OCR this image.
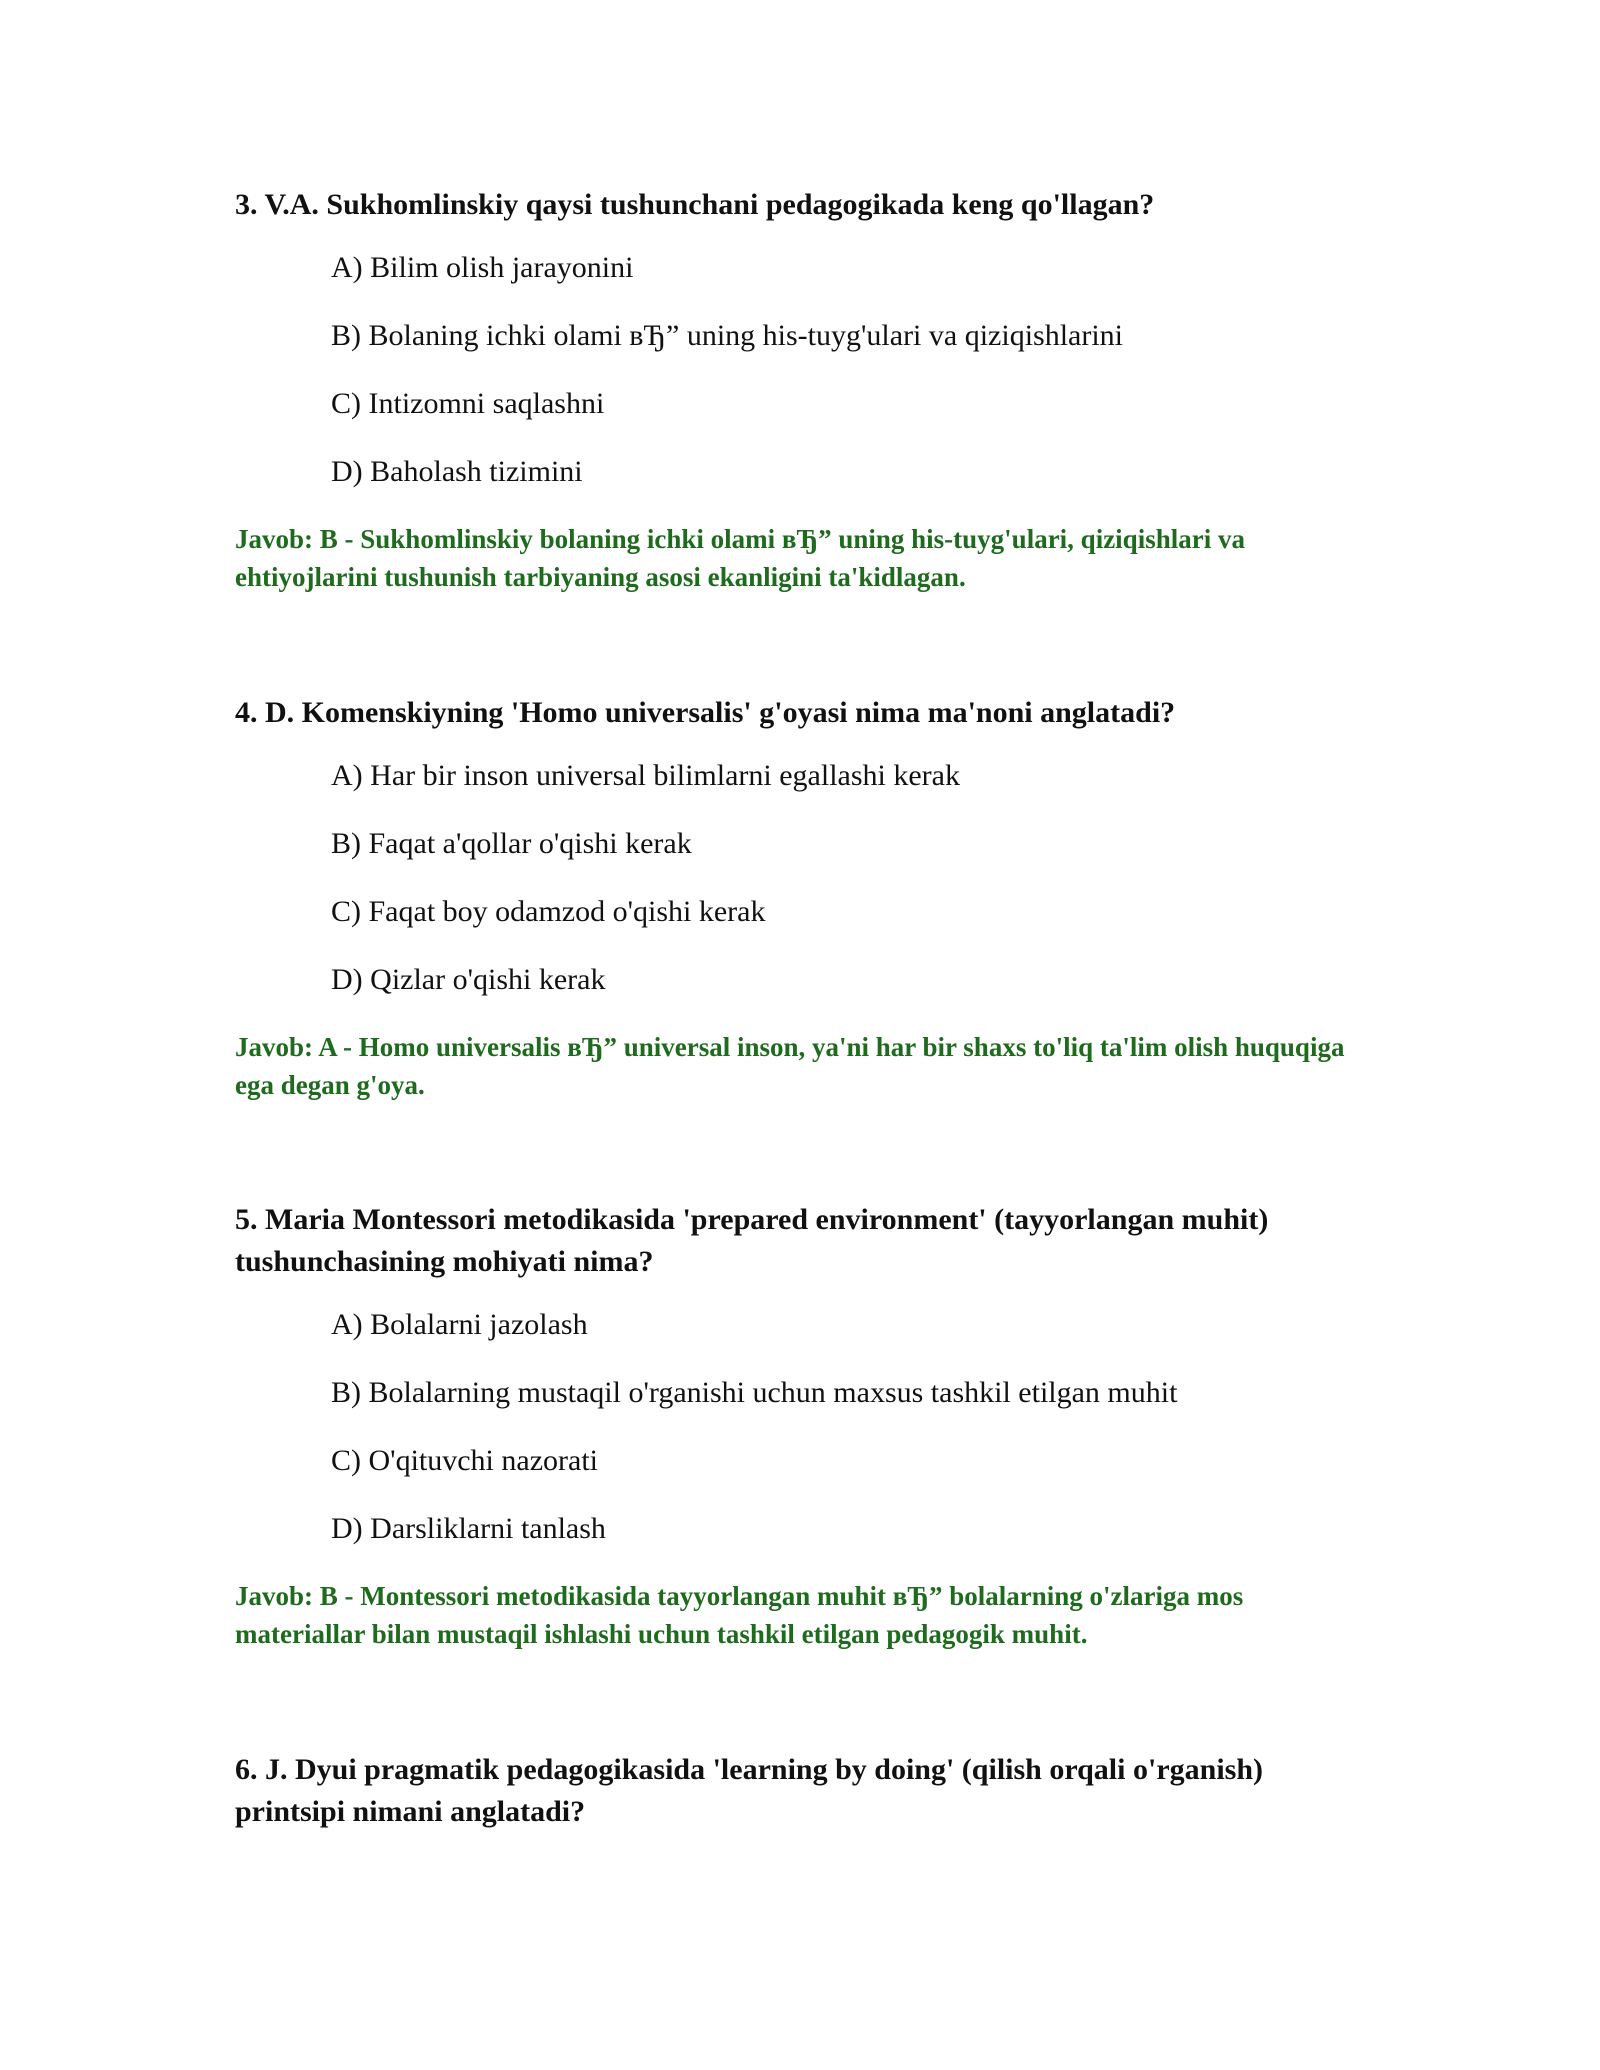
3. V.A. Sukhomlinskiy qaysi tushunchani pedagogikada keng qo'llagan?

A) Bilim olish jarayonini
B) Bolaning ichki olami вЂ” uning his-tuyg'ulari va qiziqishlarini
C) Intizomni saqlashni
D) Baholash tizimini

Javob: B - Sukhomlinskiy bolaning ichki olami вЂ” uning his-tuyg'ulari, qiziqishlari va ehtiyojlarini tushunish tarbiyaning asosi ekanligini ta'kidlagan.

4. D. Komenskiyning 'Homo universalis' g'oyasi nima ma'noni anglatadi?

A) Har bir inson universal bilimlarni egallashi kerak
B) Faqat a'qollar o'qishi kerak
C) Faqat boy odamzod o'qishi kerak
D) Qizlar o'qishi kerak

Javob: A - Homo universalis вЂ” universal inson, ya'ni har bir shaxs to'liq ta'lim olish huquqiga ega degan g'oya.

5. Maria Montessori metodikasida 'prepared environment' (tayyorlangan muhit) tushunchasining mohiyati nima?

A) Bolalarni jazolash
B) Bolalarning mustaqil o'rganishi uchun maxsus tashkil etilgan muhit
C) O'qituvchi nazorati
D) Darsliklarni tanlash

Javob: B - Montessori metodikasida tayyorlangan muhit вЂ” bolalarning o'zlariga mos materiallar bilan mustaqil ishlashi uchun tashkil etilgan pedagogik muhit.

6. J. Dyui pragmatik pedagogikasida 'learning by doing' (qilish orqali o'rganish) printsipi nimani anglatadi?
